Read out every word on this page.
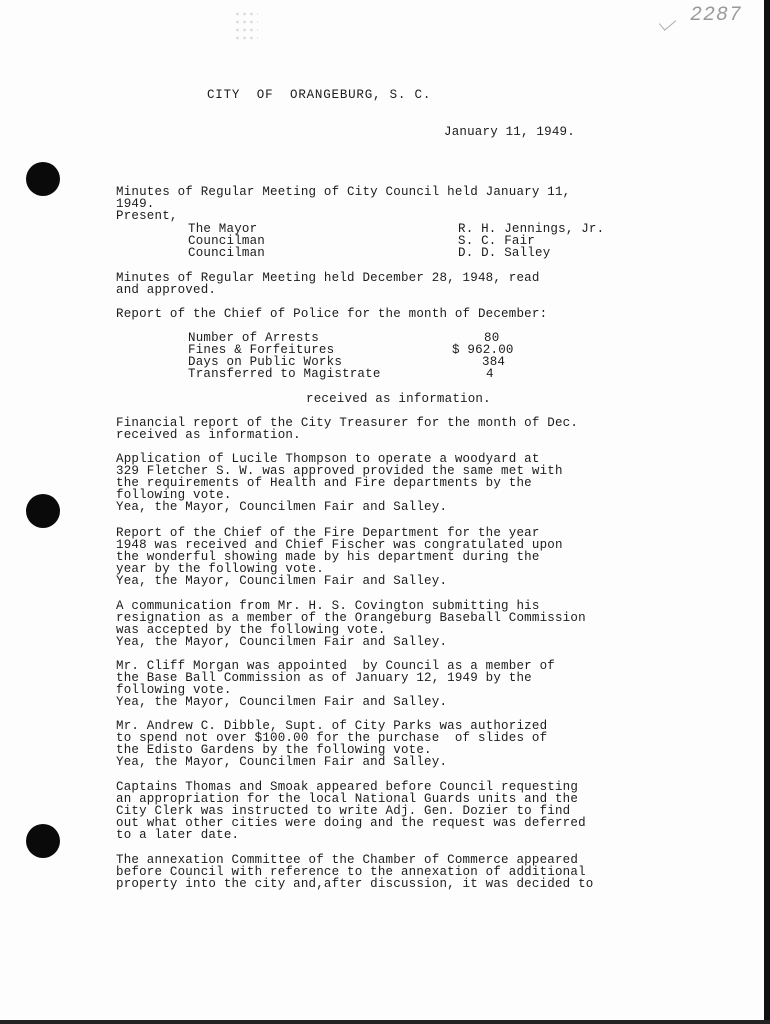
2287
CITY  OF  ORANGEBURG, S. C.
January 11, 1949.
Minutes of Regular Meeting of City Council held January 11,
1949.
Present,
The Mayor	R. H. Jennings, Jr.
Councilman	S. C. Fair
Councilman	D. D. Salley
Minutes of Regular Meeting held December 28, 1948, read
and approved.
Report of the Chief of Police for the month of December:
Number of Arrests	80
Fines & Forfeitures	$ 962.00
Days on Public Works	384
Transferred to Magistrate	4
received as information.
Financial report of the City Treasurer for the month of Dec.
received as information.
Application of Lucile Thompson to operate a woodyard at
329 Fletcher S. W. was approved provided the same met with
the requirements of Health and Fire departments by the
following vote.
Yea, the Mayor, Councilmen Fair and Salley.
Report of the Chief of the Fire Department for the year
1948 was received and Chief Fischer was congratulated upon
the wonderful showing made by his department during the
year by the following vote.
Yea, the Mayor, Councilmen Fair and Salley.
A communication from Mr. H. S. Covington submitting his
resignation as a member of the Orangeburg Baseball Commission
was accepted by the following vote.
Yea, the Mayor, Councilmen Fair and Salley.
Mr. Cliff Morgan was appointed  by Council as a member of
the Base Ball Commission as of January 12, 1949 by the
following vote.
Yea, the Mayor, Councilmen Fair and Salley.
Mr. Andrew C. Dibble, Supt. of City Parks was authorized
to spend not over $100.00 for the purchase  of slides of
the Edisto Gardens by the following vote.
Yea, the Mayor, Councilmen Fair and Salley.
Captains Thomas and Smoak appeared before Council requesting
an appropriation for the local National Guards units and the
City Clerk was instructed to write Adj. Gen. Dozier to find
out what other cities were doing and the request was deferred
to a later date.
The annexation Committee of the Chamber of Commerce appeared
before Council with reference to the annexation of additional
property into the city and,after discussion, it was decided to
